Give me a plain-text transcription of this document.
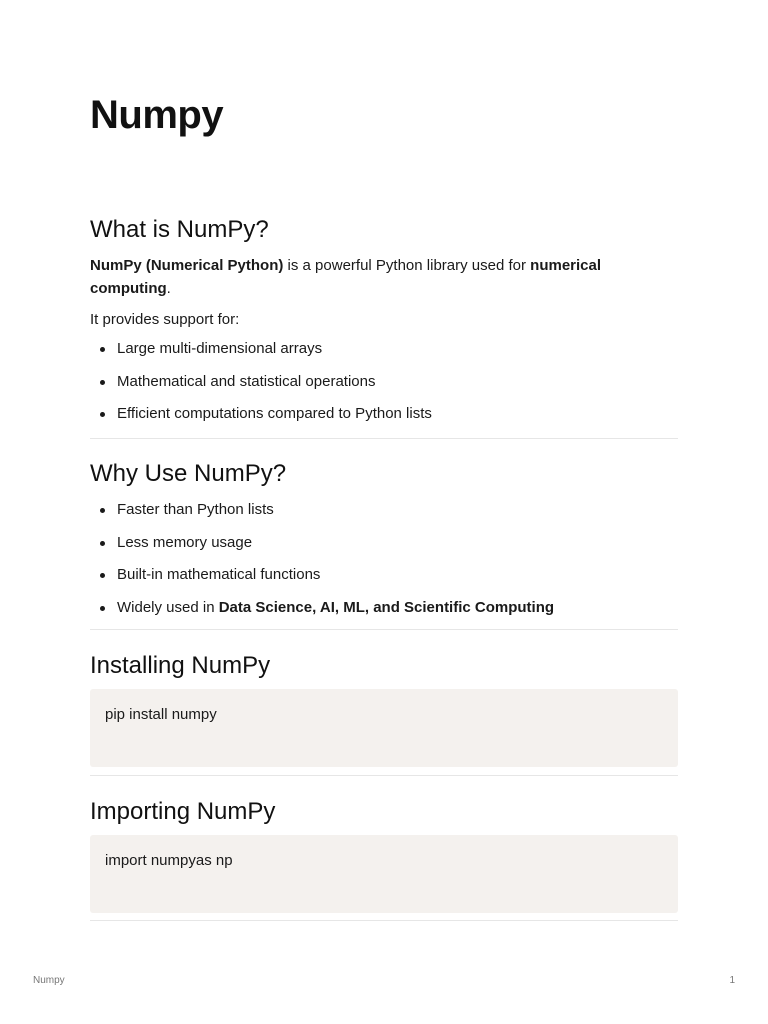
Numpy
What is NumPy?

NumPy (Numerical Python) is a powerful Python library used for numerical computing.

It provides support for:

Large multi-dimensional arrays
Mathematical and statistical operations
Efficient computations compared to Python lists
Why Use NumPy?
Faster than Python lists
Less memory usage
Built-in mathematical functions
Widely used in Data Science, AI, ML, and Scientific Computing
Installing NumPy
pip install numpy
Importing NumPy
import numpyas np
Numpy	1
